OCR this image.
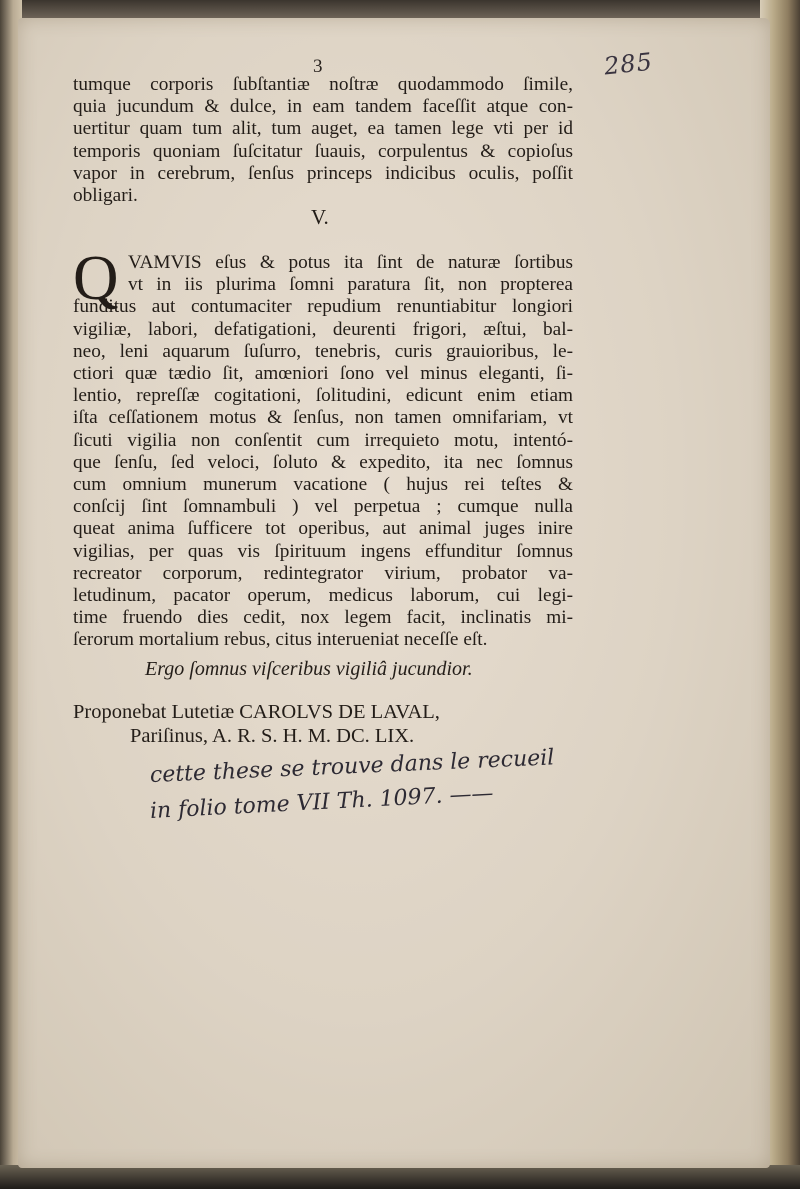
3	285
tumque corporis ſubſtantiæ noſtræ quodammodo ſimile,
quia jucundum & dulce, in eam tandem faceſſit atque con-
uertitur quam tum alit, tum auget, ea tamen lege vti per id
temporis quoniam ſuſcitatur ſuauis, corpulentus & copioſus
vapor in cerebrum, ſenſus princeps indicibus oculis, poſſit
obligari.
V.
Q VAMVIS eſus & potus ita ſint de naturæ ſortibus
vt in iis plurima ſomni paratura ſit, non propterea
funditus aut contumaciter repudium renuntiabitur longiori
vigiliæ, labori, defatigationi, deurenti frigori, æſtui, bal-
neo, leni aquarum ſuſurro, tenebris, curis grauioribus, le-
ctiori quæ tædio ſit, amœniori ſono vel minus eleganti, ſi-
lentio, repreſſæ cogitationi, ſolitudini, edicunt enim etiam
iſta ceſſationem motus & ſenſus, non tamen omnifariam, vt
ſicuti vigilia non conſentit cum irrequieto motu, intentó-
que ſenſu, ſed veloci, ſoluto & expedito, ita nec ſomnus
cum omnium munerum vacatione ( hujus rei teſtes &
conſcij ſint ſomnambuli ) vel perpetua ; cumque nulla
queat anima ſufficere tot operibus, aut animal juges inire
vigilias, per quas vis ſpirituum ingens effunditur ſomnus
recreator corporum, redintegrator virium, probator va-
letudinum, pacator operum, medicus laborum, cui legi-
time fruendo dies cedit, nox legem facit, inclinatis mi-
ſerorum mortalium rebus, citus interueniat neceſſe eſt.
Ergo ſomnus viſceribus vigiliâ jucundior.
Proponebat Lutetiæ CAROLVS DE LAVAL,
Pariſinus, A. R. S. H. M. DC. LIX.
cette these se trouve dans le recueil
in folio tome VII Th. 1097. ——
